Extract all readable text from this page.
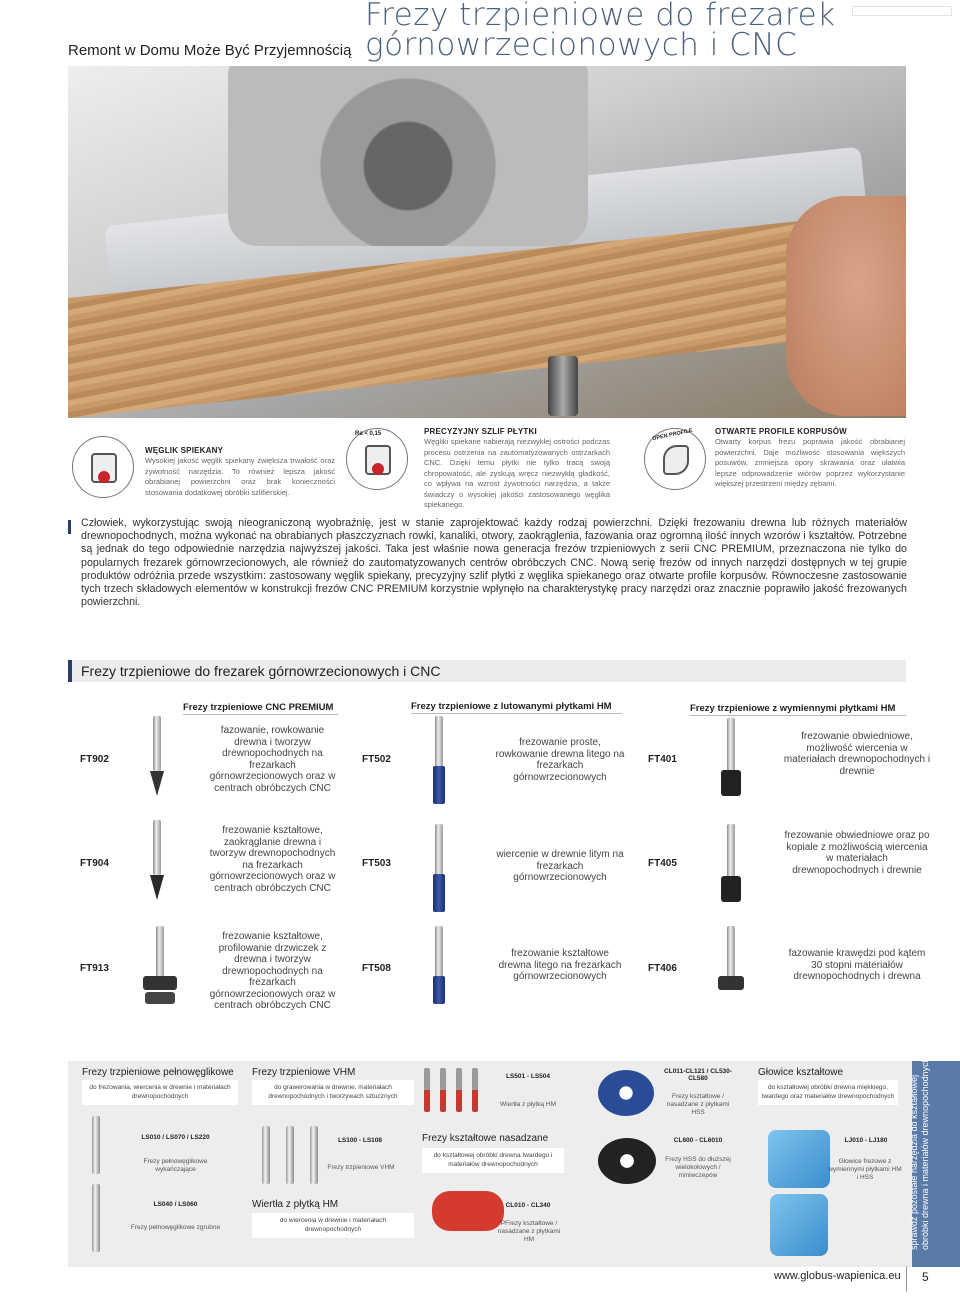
Remont w Domu Może Być Przyjemnością
Frezy trzpieniowe do frezarek górnowrzecionowych i CNC
WĘGLIK SPIEKANY
Wysokiej jakość węglik spiekany zwiększa trwałość oraz żywotność narzędzia. To również lepsza jakość obrabianej powierzchni oraz brak konieczności stosowania dodatkowej obróbki szlifierskiej.
Ra < 0,15	PRECYZYJNY SZLIF PŁYTKI
Węgliki spiekane nabierają niezwykłej ostrości podczas procesu ostrzenia na zautomatyzowanych ostrzarkach CNC. Dzięki temu płytki nie tylko tracą swoją chropowatość, ale zyskują wręcz niezwykłą gładkość, co wpływa na wzrost żywotności narzędzia, a także świadczy o wysokiej jakości zastosowanego węglika spiekanego.
OPEN PROFILE	OTWARTE PROFILE KORPUSÓW
Otwarty korpus frezu poprawia jakość obrabianej powierzchni. Daje możliwość stosowania większych posuwów, zmniejsza opory skrawania oraz ułatwia lepsze odprowadzenie wiórów poprzez wykorzystanie większej przestrzeni między zębami.
Człowiek, wykorzystując swoją nieograniczoną wyobraźnię, jest w stanie zaprojektować każdy rodzaj powierzchni. Dzięki frezowaniu drewna lub różnych materiałów drewnopochodnych, można wykonać na obrabianych płaszczyznach rowki, kanaliki, otwory, zaokrąglenia, fazowania oraz ogromną ilość innych wzorów i kształtów. Potrzebne są jednak do tego odpowiednie narzędzia najwyższej jakości. Taka jest właśnie nowa generacja frezów trzpieniowych z serii CNC PREMIUM, przeznaczona nie tylko do popularnych frezarek górnowrzecionowych, ale również do zautomatyzowanych centrów obróbczych CNC. Nową serię frezów od innych narzędzi dostępnych w tej grupie produktów odróżnia przede wszystkim: zastosowany węglik spiekany, precyzyjny szlif płytki z węglika spiekanego oraz otwarte profile korpusów. Równoczesne zastosowanie tych trzech składowych elementów w konstrukcji frezów CNC PREMIUM korzystnie wpłynęło na charakterystykę pracy narzędzi oraz znacznie poprawiło jakość frezowanych powierzchni.
Frezy trzpieniowe do frezarek górnowrzecionowych i CNC
Frezy trzpieniowe CNC PREMIUM	Frezy trzpieniowe z lutowanymi płytkami HM	Frezy trzpieniowe z wymiennymi płytkami HM
FT902
fazowanie, rowkowanie drewna i tworzyw drewnopochodnych na frezarkach górnowrzecionowych oraz w centrach obróbczych CNC
FT502
frezowanie proste, rowkowanie drewna litego na frezarkach górnowrzecionowych
FT401
frezowanie obwiedniowe, możliwość wiercenia w materiałach drewnopochodnych i drewnie
FT904
frezowanie kształtowe, zaokrąglanie drewna i tworzyw drewnopochodnych na frezarkach górnowrzecionowych oraz w centrach obróbczych CNC
FT503
wiercenie w drewnie litym na frezarkach górnowrzecionowych
FT405
frezowanie obwiedniowe oraz po kopiale z możliwością wiercenia w materiałach drewnopochodnych i drewnie
FT913
frezowanie kształtowe, profilowanie drzwiczek z drewna i tworzyw drewnopochodnych na frezarkach górnowrzecionowych oraz w centrach obróbczych CNC
FT508
frezowanie kształtowe drewna litego na frezarkach górnowrzecionowych
FT406
fazowanie krawędzi pod kątem 30 stopni materiałów drewnopochodnych i drewna
Frezy trzpieniowe pełnowęglikowe
do frezowania, wiercenia w drewnie i materiałach drewnopochodnych
LS010 / LS070 / LS220
Frezy pełnowęglikowe wykańczające
LS040 / LS060
Frezy pełnowęglikowe zgrubne
Frezy trzpieniowe VHM
do grawerowania w drewnie, materiałach drewnopochodnych i tworzywach sztucznych
LS100 - LS108
Frezy trzpieniowe VHM
Wiertła z płytką HM
do wiercenia w drewnie i materiałach drewnopochodnych
LS501 - LS504
Wiertła z płytką HM
Frezy kształtowe nasadzane
do kształtowej obróbki drewna twardego i materiałów drewnopochodnych
CL010 - CL340
PFrezy kształtowe / nasadzane z płytkami HM
CL011-CL121 / CL530-CL580
Frezy kształtowe / nasadzane z płytkami HSS
CL600 - CL6010
Frezy HSS do dłuższej wielokołowych / miniwczepów
Głowice kształtowe
do kształtowej obróbki drewna miękkiego, twardego oraz materiałów drewnopochodnych
LJ010 - LJ180
Głowice frezowe z wymiennymi płytkami HM i HSS	sprawdź pozostałe narzędzia do kształtowej obróbki drewna i materiałów drewnopochodnych
www.globus-wapienica.eu 5
